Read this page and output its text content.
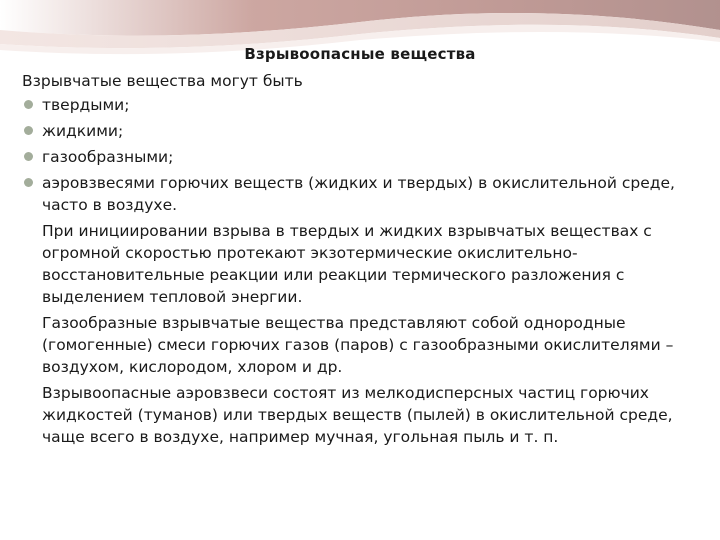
Взрывоопасные вещества
Взрывчатые вещества могут быть
твердыми;
жидкими;
газообразными;
аэровзвесями горючих веществ (жидких и твердых) в окислительной среде, часто в воздухе.

При инициировании взрыва в твердых и жидких взрывчатых веществах с огромной скоростью протекают экзотермические окислительно-восстановительные реакции или реакции термического разложения с выделением тепловой энергии.

Газообразные взрывчатые вещества представляют собой однородные (гомогенные) смеси горючих газов (паров) с газообразными окислителями – воздухом, кислородом, хлором и др.

Взрывоопасные аэровзвеси состоят из мелкодисперсных частиц горючих жидкостей (туманов) или твердых веществ (пылей) в окислительной среде, чаще всего в воздухе, например мучная, угольная пыль и т. п.
